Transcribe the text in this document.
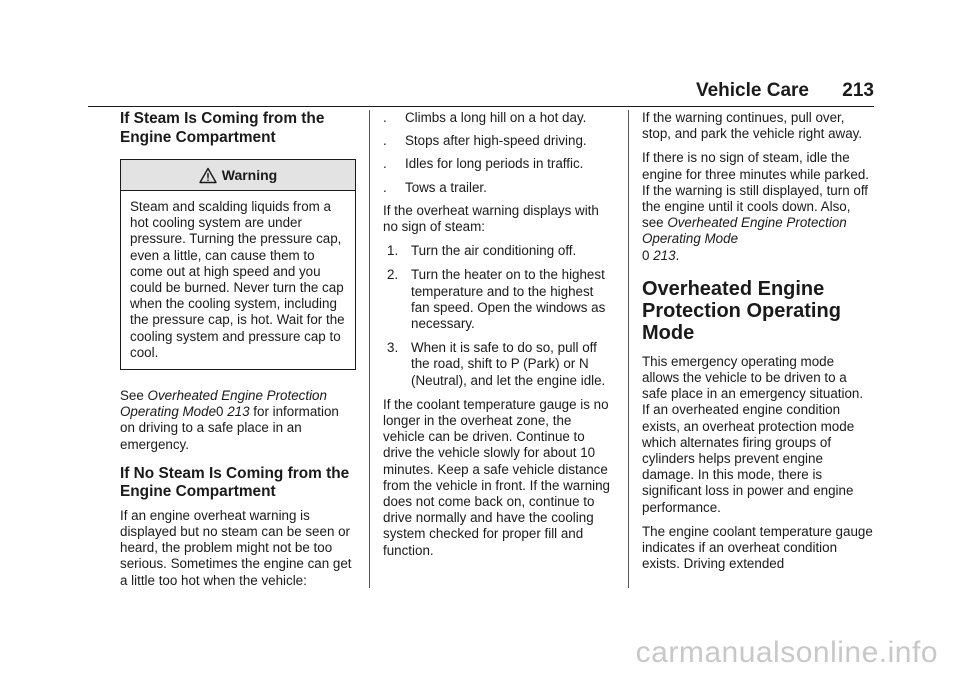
Vehicle Care 213
If Steam Is Coming from the Engine Compartment
Warning
Steam and scalding liquids from a hot cooling system are under pressure. Turning the pressure cap, even a little, can cause them to come out at high speed and you could be burned. Never turn the cap when the cooling system, including the pressure cap, is hot. Wait for the cooling system and pressure cap to cool.

See Overheated Engine Protection Operating Mode0 213 for information on driving to a safe place in an emergency.

If No Steam Is Coming from the Engine Compartment

If an engine overheat warning is displayed but no steam can be seen or heard, the problem might not be too serious. Sometimes the engine can get a little too hot when the vehicle:

. Climbs a long hill on a hot day.
. Stops after high-speed driving.
. Idles for long periods in traffic.
. Tows a trailer.

If the overheat warning displays with no sign of steam:

1. Turn the air conditioning off.
2. Turn the heater on to the highest temperature and to the highest fan speed. Open the windows as necessary.
3. When it is safe to do so, pull off the road, shift to P (Park) or N (Neutral), and let the engine idle.

If the coolant temperature gauge is no longer in the overheat zone, the vehicle can be driven. Continue to drive the vehicle slowly for about 10 minutes. Keep a safe vehicle distance from the vehicle in front. If the warning does not come back on, continue to drive normally and have the cooling system checked for proper fill and function.

If the warning continues, pull over, stop, and park the vehicle right away.

If there is no sign of steam, idle the engine for three minutes while parked. If the warning is still displayed, turn off the engine until it cools down. Also, see Overheated Engine Protection Operating Mode
0 213.

Overheated Engine Protection Operating Mode

This emergency operating mode allows the vehicle to be driven to a safe place in an emergency situation. If an overheated engine condition exists, an overheat protection mode which alternates firing groups of cylinders helps prevent engine damage. In this mode, there is significant loss in power and engine performance.

The engine coolant temperature gauge indicates if an overheat condition exists. Driving extended

carmanualsonline.info
